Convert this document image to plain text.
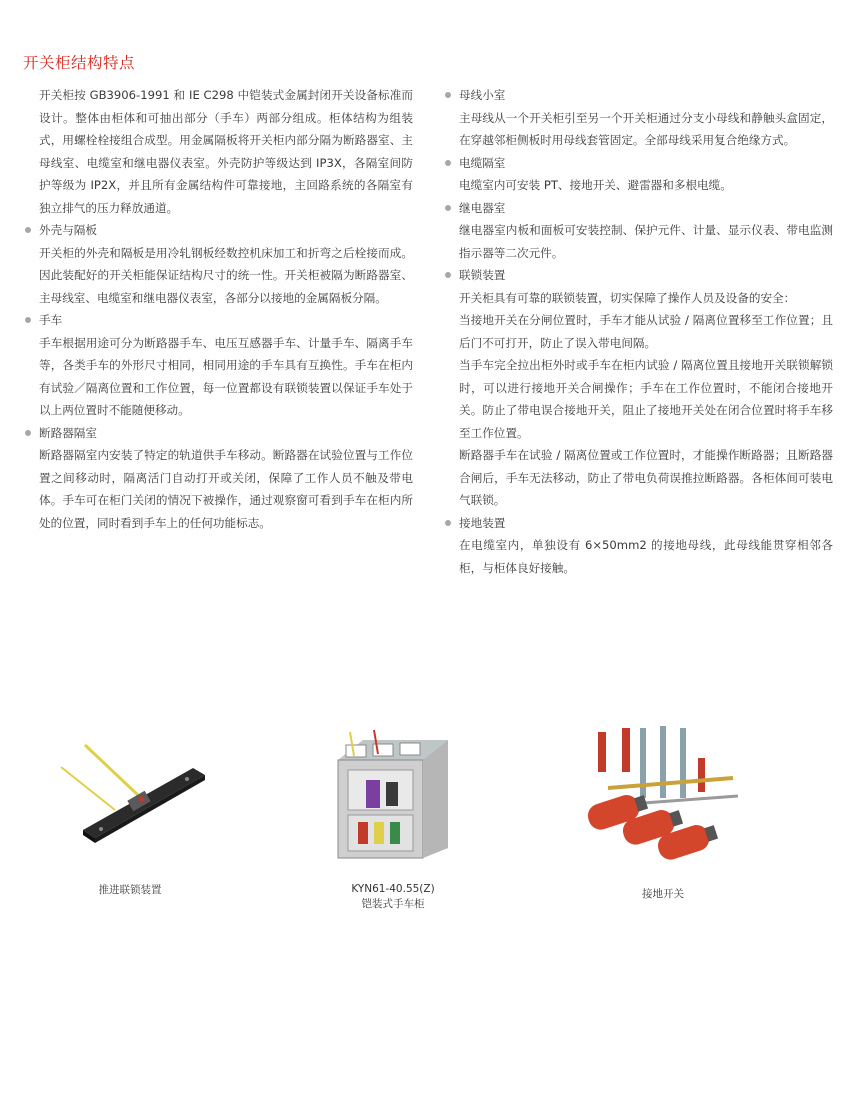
开关柜结构特点
开关柜按 GB3906-1991 和 IE C298 中铠装式金属封闭开关设备标准而设计。整体由柜体和可抽出部分（手车）两部分组成。柜体结构为组装式，用螺栓栓接组合成型。用金属隔板将开关柜内部分隔为断路器室、主母线室、电缆室和继电器仪表室。外壳防护等级达到 IP3X，各隔室间防护等级为 IP2X，并且所有金属结构件可靠接地，主回路系统的各隔室有独立排气的压力释放通道。
外壳与隔板
开关柜的外壳和隔板是用冷轧钢板经数控机床加工和折弯之后栓接而成。因此装配好的开关柜能保证结构尺寸的统一性。开关柜被隔为断路器室、主母线室、电缆室和继电器仪表室，各部分以接地的金属隔板分隔。
手车
手车根据用途可分为断路器手车、电压互感器手车、计量手车、隔离手车等，各类手车的外形尺寸相同，相同用途的手车具有互换性。手车在柜内有试验／隔离位置和工作位置，每一位置都设有联锁装置以保证手车处于以上两位置时不能随便移动。
断路器隔室
断路器隔室内安装了特定的轨道供手车移动。断路器在试验位置与工作位置之间移动时，隔离活门自动打开或关闭，保障了工作人员不触及带电体。手车可在柜门关闭的情况下被操作，通过观察窗可看到手车在柜内所处的位置，同时看到手车上的任何功能标志。
母线小室
主母线从一个开关柜引至另一个开关柜通过分支小母线和静触头盒固定，在穿越邻柜侧板时用母线套管固定。全部母线采用复合绝缘方式。
电缆隔室
电缆室内可安装 PT、接地开关、避雷器和多根电缆。
继电器室
继电器室内板和面板可安装控制、保护元件、计量、显示仪表、带电监测指示器等二次元件。
联锁装置
开关柜具有可靠的联锁装置，切实保障了操作人员及设备的安全：
当接地开关在分闸位置时，手车才能从试验 / 隔离位置移至工作位置；且后门不可打开，防止了误入带电间隔。
当手车完全拉出柜外时或手车在柜内试验 / 隔离位置且接地开关联锁解锁时，可以进行接地开关合闸操作；手车在工作位置时，不能闭合接地开关。防止了带电误合接地开关，阻止了接地开关处在闭合位置时将手车移至工作位置。
断路器手车在试验 / 隔离位置或工作位置时，才能操作断路器；且断路器合闸后，手车无法移动，防止了带电负荷误推拉断路器。各柜体间可装电气联锁。
接地装置
在电缆室内，单独设有 6×50mm2 的接地母线，此母线能贯穿相邻各柜，与柜体良好接触。
推进联锁装置	KYN61-40.55(Z)
铠装式手车柜
接地开关
